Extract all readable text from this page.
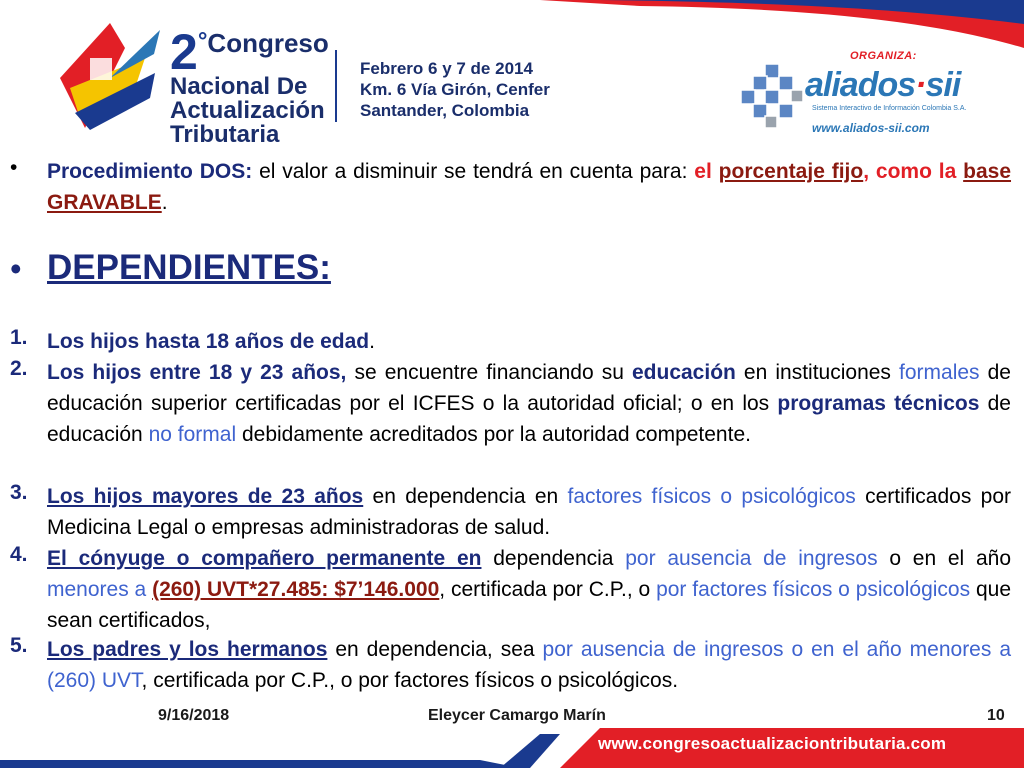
2°Congreso
Nacional De
Actualización
Tributaria
Febrero 6 y 7 de 2014
Km. 6 Vía Girón, Cenfer
Santander, Colombia
ORGANIZA:
aliados·sii
Sistema Interactivo de Información Colombia S.A.
www.aliados-sii.com
• Procedimiento DOS: el valor a disminuir se tendrá en cuenta para: el porcentaje fijo, como la base GRAVABLE.
• DEPENDIENTES:
1. Los hijos hasta 18 años de edad.
2. Los hijos entre 18 y 23 años, se encuentre financiando su educación en instituciones formales de educación superior certificadas por el ICFES o la autoridad oficial; o en los programas técnicos de educación no formal debidamente acreditados por la autoridad competente.
3. Los hijos mayores de 23 años en dependencia en factores físicos o psicológicos certificados por Medicina Legal o empresas administradoras de salud.
4. El cónyuge o compañero permanente en dependencia por ausencia de ingresos o en el año menores a (260) UVT*27.485: $7’146.000, certificada por C.P., o por factores físicos o psicológicos que sean certificados,
5. Los padres y los hermanos en dependencia, sea por ausencia de ingresos o en el año menores a (260) UVT, certificada por C.P., o por factores físicos o psicológicos.
9/16/2018	Eleycer Camargo Marín	10
www.congresoactualizaciontributaria.com
